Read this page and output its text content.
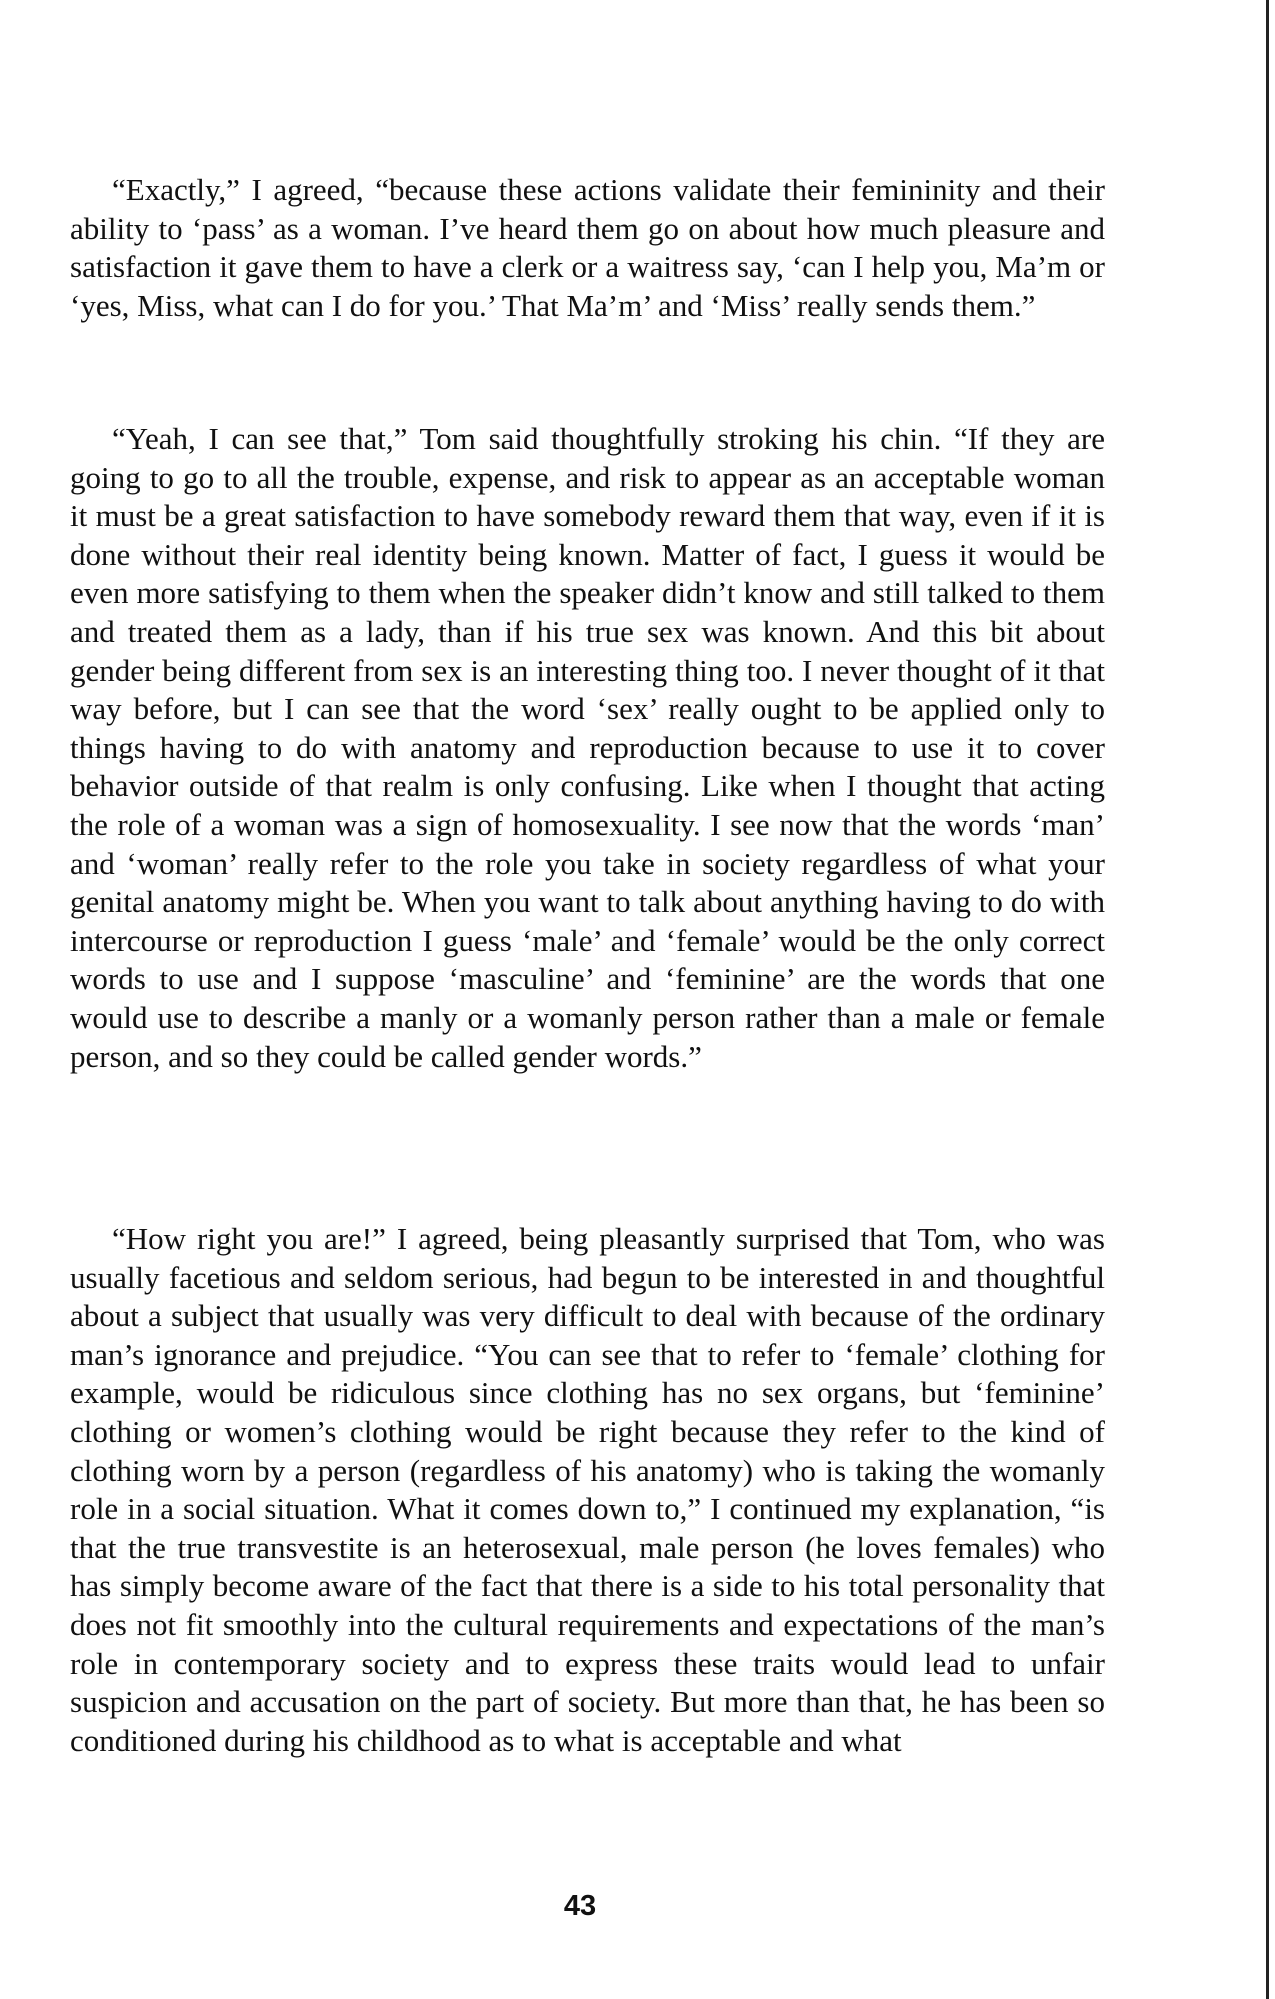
“Exactly,” I agreed, “because these actions validate their femininity and their ability to ‘pass’ as a woman. I’ve heard them go on about how much pleasure and satisfaction it gave them to have a clerk or a waitress say, ‘can I help you, Ma’m or ‘yes, Miss, what can I do for you.’ That Ma’m’ and ‘Miss’ really sends them.”

“Yeah, I can see that,” Tom said thoughtfully stroking his chin. “If they are going to go to all the trouble, expense, and risk to appear as an acceptable woman it must be a great satisfaction to have somebody reward them that way, even if it is done without their real identity being known. Matter of fact, I guess it would be even more satisfying to them when the speaker didn’t know and still talked to them and treated them as a lady, than if his true sex was known. And this bit about gender being different from sex is an interesting thing too. I never thought of it that way before, but I can see that the word ‘sex’ really ought to be applied only to things having to do with anatomy and reproduction because to use it to cover behavior outside of that realm is only confusing. Like when I thought that acting the role of a woman was a sign of homosexuality. I see now that the words ‘man’ and ‘woman’ really refer to the role you take in society regardless of what your genital anatomy might be. When you want to talk about anything having to do with intercourse or reproduction I guess ‘male’ and ‘female’ would be the only correct words to use and I suppose ‘masculine’ and ‘feminine’ are the words that one would use to describe a manly or a womanly person rather than a male or female person, and so they could be called gender words.”

“How right you are!” I agreed, being pleasantly surprised that Tom, who was usually facetious and seldom serious, had begun to be interested in and thoughtful about a subject that usually was very difficult to deal with because of the ordinary man’s ignorance and prejudice. “You can see that to refer to ‘female’ clothing for example, would be ridiculous since clothing has no sex organs, but ‘feminine’ clothing or women’s clothing would be right because they refer to the kind of clothing worn by a person (regardless of his anatomy) who is taking the womanly role in a social situation. What it comes down to,” I continued my explanation, “is that the true transvestite is an heterosexual, male person (he loves females) who has simply become aware of the fact that there is a side to his total personality that does not fit smoothly into the cultural requirements and expectations of the man’s role in contemporary society and to express these traits would lead to unfair suspicion and accusation on the part of society. But more than that, he has been so conditioned during his childhood as to what is acceptable and what

43
